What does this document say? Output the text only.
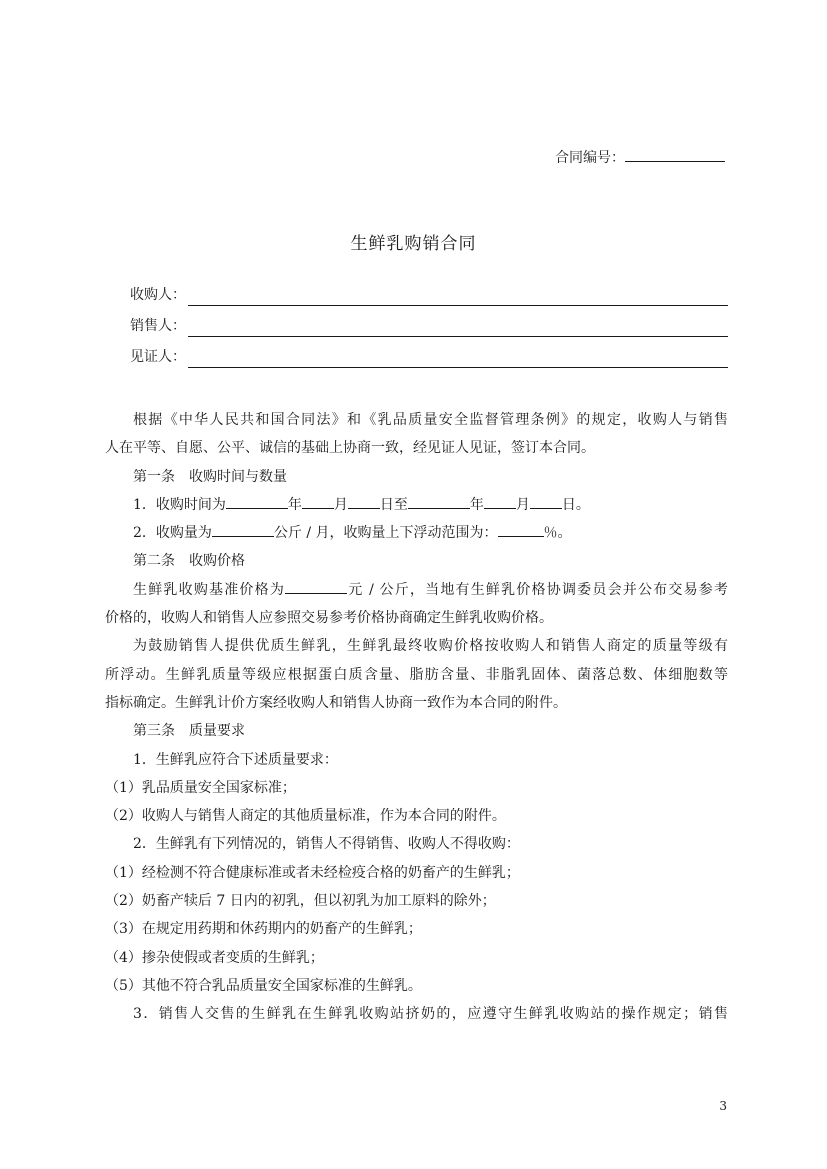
合同编号：
生鲜乳购销合同
收购人：
销售人：
见证人：

根据《中华人民共和国合同法》和《乳品质量安全监督管理条例》的规定，收购人与销售

人在平等、自愿、公平、诚信的基础上协商一致，经见证人见证，签订本合同。

第一条 收购时间与数量

1．收购时间为	年 月 日至	年 月 日。

2．收购量为	公斤 / 月，收购量上下浮动范围为：	％。

第二条 收购价格

生鲜乳收购基准价格为	元 / 公斤，当地有生鲜乳价格协调委员会并公布交易参考

价格的，收购人和销售人应参照交易参考价格协商确定生鲜乳收购价格。

为鼓励销售人提供优质生鲜乳，生鲜乳最终收购价格按收购人和销售人商定的质量等级有

所浮动。生鲜乳质量等级应根据蛋白质含量、脂肪含量、非脂乳固体、菌落总数、体细胞数等

指标确定。生鲜乳计价方案经收购人和销售人协商一致作为本合同的附件。

第三条 质量要求

1．生鲜乳应符合下述质量要求：

（1）乳品质量安全国家标准；

（2）收购人与销售人商定的其他质量标准，作为本合同的附件。

2．生鲜乳有下列情况的，销售人不得销售、收购人不得收购：

（1）经检测不符合健康标准或者未经检疫合格的奶畜产的生鲜乳；

（2）奶畜产犊后 7 日内的初乳，但以初乳为加工原料的除外；

（3）在规定用药期和休药期内的奶畜产的生鲜乳；

（4）掺杂使假或者变质的生鲜乳；

（5）其他不符合乳品质量安全国家标准的生鲜乳。

3．销售人交售的生鲜乳在生鲜乳收购站挤奶的，应遵守生鲜乳收购站的操作规定；销售

3
